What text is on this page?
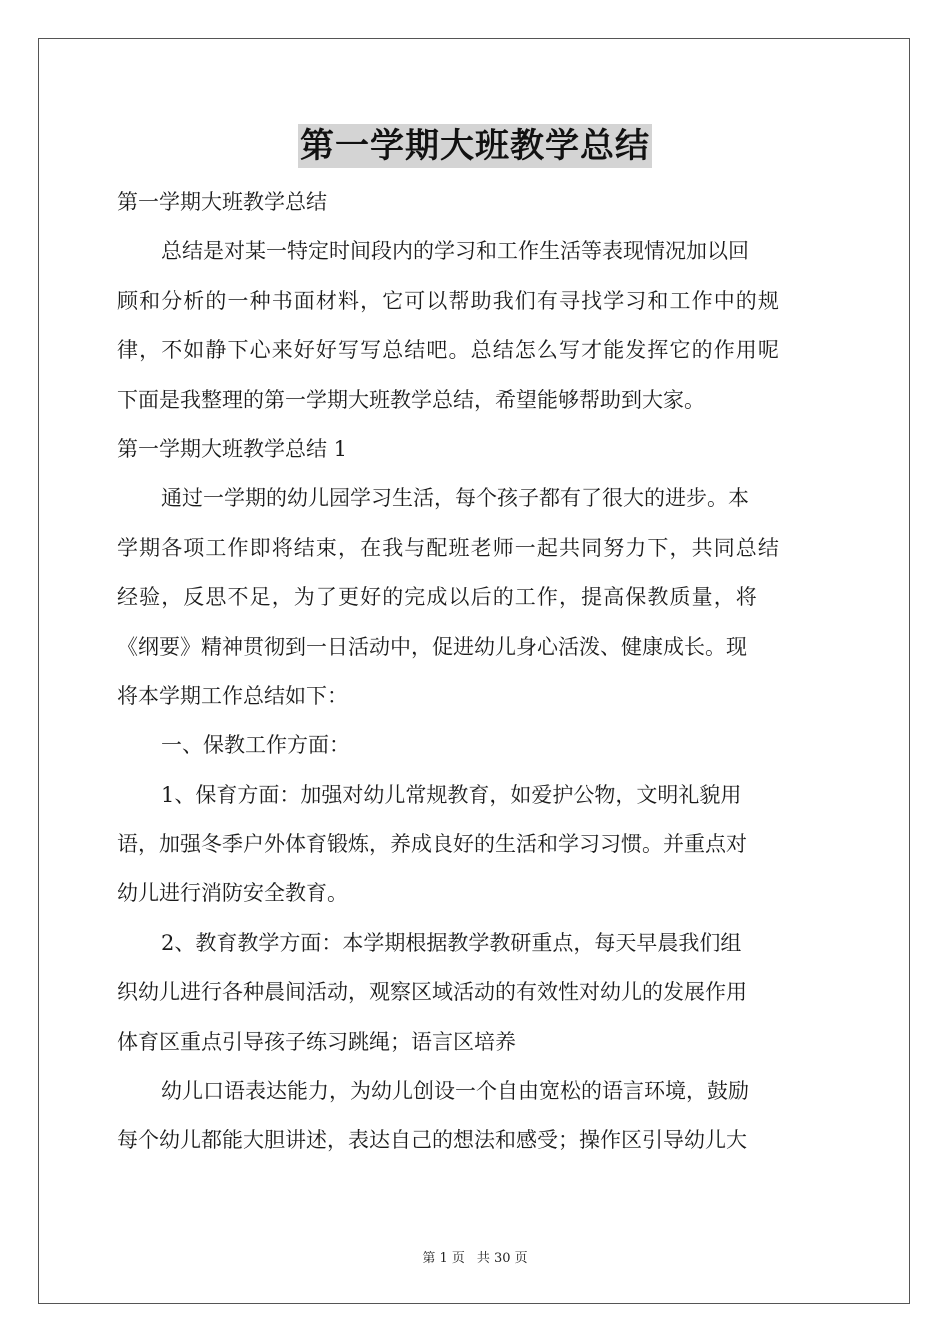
第一学期大班教学总结
第一学期大班教学总结
总结是对某一特定时间段内的学习和工作生活等表现情况加以回
顾和分析的一种书面材料，它可以帮助我们有寻找学习和工作中的规
律，不如静下心来好好写写总结吧。总结怎么写才能发挥它的作用呢
下面是我整理的第一学期大班教学总结，希望能够帮助到大家。
第一学期大班教学总结 1
通过一学期的幼儿园学习生活，每个孩子都有了很大的进步。本
学期各项工作即将结束，在我与配班老师一起共同努力下，共同总结
经验，反思不足，为了更好的完成以后的工作，提高保教质量，将
《纲要》精神贯彻到一日活动中，促进幼儿身心活泼、健康成长。现
将本学期工作总结如下：
一、保教工作方面：
1、保育方面：加强对幼儿常规教育，如爱护公物，文明礼貌用
语，加强冬季户外体育锻炼，养成良好的生活和学习习惯。并重点对
幼儿进行消防安全教育。
2、教育教学方面：本学期根据教学教研重点，每天早晨我们组
织幼儿进行各种晨间活动，观察区域活动的有效性对幼儿的发展作用
体育区重点引导孩子练习跳绳；语言区培养
幼儿口语表达能力，为幼儿创设一个自由宽松的语言环境，鼓励
每个幼儿都能大胆讲述，表达自己的想法和感受；操作区引导幼儿大
第 1 页 共 30 页
